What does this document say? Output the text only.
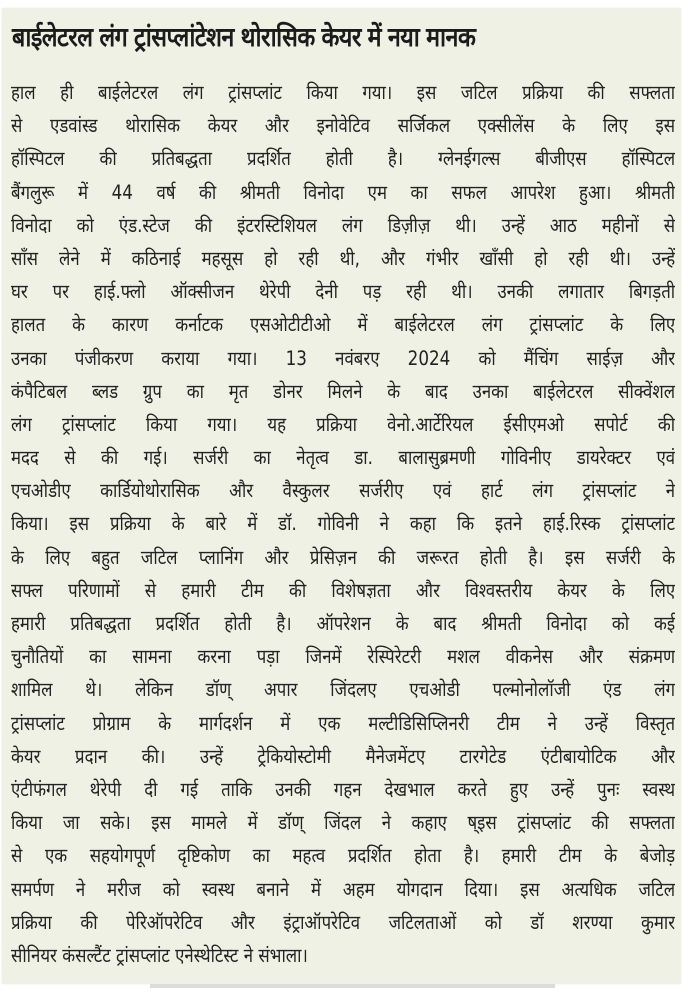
बाईलेटरल लंग ट्रांसप्लांटेशन थोरासिक केयर में नया मानक
हाल ही बाईलेटरल लंग ट्रांसप्लांट किया गया। इस जटिल प्रक्रिया की सफ्लता
से एडवांस्ड थोरासिक केयर और इनोवेटिव सर्जिकल एक्सीलेंस के लिए इस
हॉस्पिटल की प्रतिबद्धता प्रदर्शित होती है। ग्लेनईगल्स बीजीएस हॉस्पिटल
बैंगलुरू में 44 वर्ष की श्रीमती विनोदा एम का सफल आपरेश हुआ। श्रीमती
विनोदा को एंड.स्टेज की इंटरस्टिशियल लंग डिज़ीज़ थी। उन्हें आठ महीनों से
साँस लेने में कठिनाई महसूस हो रही थी, और गंभीर खाँसी हो रही थी। उन्हें
घर पर हाई.फ्लो ऑक्सीजन थेरेपी देनी पड़ रही थी। उनकी लगातार बिगड़ती
हालत के कारण कर्नाटक एसओटीटीओ में बाईलेटरल लंग ट्रांसप्लांट के लिए
उनका पंजीकरण कराया गया। 13 नवंबरए 2024 को मैंचिंग साईज़ और
कंपैटिबल ब्लड ग्रुप का मृत डोनर मिलने के बाद उनका बाईलेटरल सीक्वेंशल
लंग ट्रांसप्लांट किया गया। यह प्रक्रिया वेनो.आर्टेरियल ईसीएमओ सपोर्ट की
मदद से की गई। सर्जरी का नेतृत्व डा. बालासुब्रमणी गोविनीए डायरेक्टर एवं
एचओडीए कार्डियोथोरासिक और वैस्कुलर सर्जरीए एवं हार्ट लंग ट्रांसप्लांट ने
किया। इस प्रक्रिया के बारे में डॉ. गोविनी ने कहा कि इतने हाई.रिस्क ट्रांसप्लांट
के लिए बहुत जटिल प्लानिंग और प्रेसिज़न की जरूरत होती है। इस सर्जरी के
सफ्ल परिणामों से हमारी टीम की विशेषज्ञता और विश्वस्तरीय केयर के लिए
हमारी प्रतिबद्धता प्रदर्शित होती है। ऑपरेशन के बाद श्रीमती विनोदा को कई
चुनौतियों का सामना करना पड़ा जिनमें रेस्पिरेटरी मशल वीकनेस और संक्रमण
शामिल थे। लेकिन डॉण् अपार जिंदलए एचओडी पल्मोनोलॉजी एंड लंग
ट्रांसप्लांट प्रोग्राम के मार्गदर्शन में एक मल्टीडिसिप्लिनरी टीम ने उन्हें विस्तृत
केयर प्रदान की। उन्हें ट्रेकियोस्टोमी मैनेजमेंटए टारगेटेड एंटीबायोटिक और
एंटीफंगल थेरेपी दी गई ताकि उनकी गहन देखभाल करते हुए उन्हें पुनः स्वस्थ
किया जा सके। इस मामले में डॉण् जिंदल ने कहाए ष्इस ट्रांसप्लांट की सफ्लता
से एक सहयोगपूर्ण दृष्टिकोण का महत्व प्रदर्शित होता है। हमारी टीम के बेजोड़
समर्पण ने मरीज को स्वस्थ बनाने में अहम योगदान दिया। इस अत्यधिक जटिल
प्रक्रिया की पेरिऑपरेटिव और इंट्राऑपरेटिव जटिलताओं को डॉ शरण्या कुमार
सीनियर कंसल्टैंट ट्रांसप्लांट एनेस्थेटिस्ट ने संभाला।
